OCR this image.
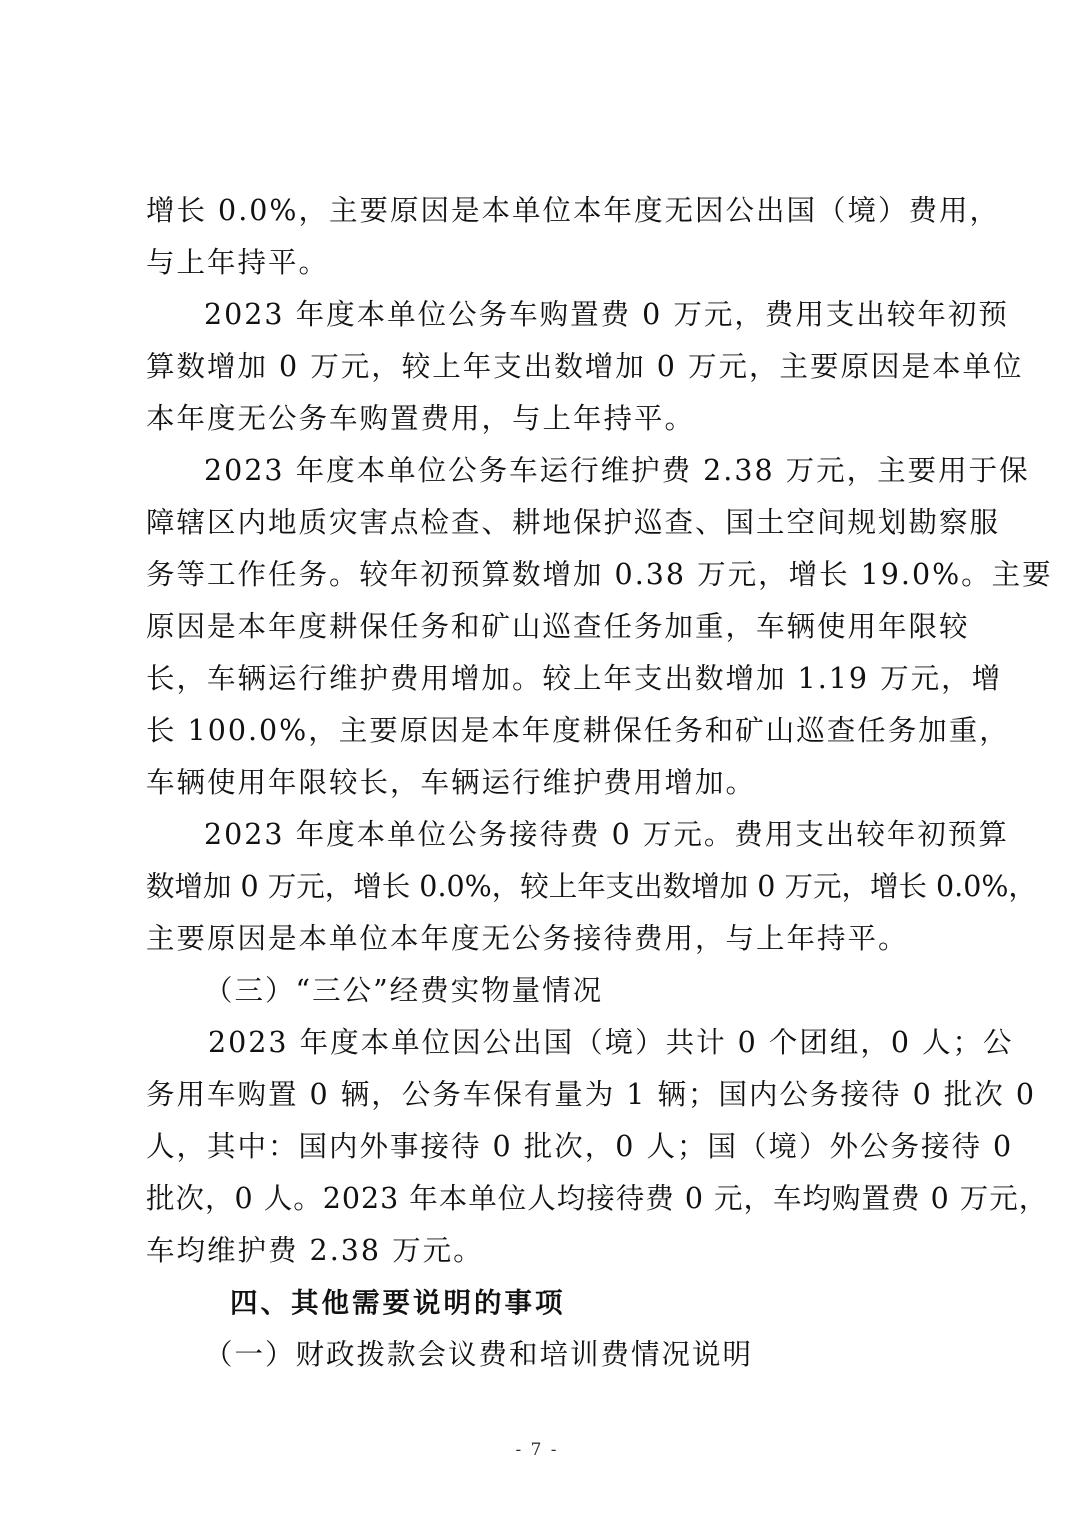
增长 0.0%，主要原因是本单位本年度无因公出国（境）费用，
与上年持平。
2023 年度本单位公务车购置费 0 万元，费用支出较年初预
算数增加 0 万元，较上年支出数增加 0 万元，主要原因是本单位
本年度无公务车购置费用，与上年持平。
2023 年度本单位公务车运行维护费 2.38 万元，主要用于保
障辖区内地质灾害点检查、耕地保护巡查、国土空间规划勘察服
务等工作任务。较年初预算数增加 0.38 万元，增长 19.0%。主要
原因是本年度耕保任务和矿山巡查任务加重，车辆使用年限较
长，车辆运行维护费用增加。较上年支出数增加 1.19 万元，增
长 100.0%，主要原因是本年度耕保任务和矿山巡查任务加重，
车辆使用年限较长，车辆运行维护费用增加。
2023 年度本单位公务接待费 0 万元。费用支出较年初预算
数增加 0 万元，增长 0.0%，较上年支出数增加 0 万元，增长 0.0%，
主要原因是本单位本年度无公务接待费用，与上年持平。
（三）“三公”经费实物量情况
2023 年度本单位因公出国（境）共计 0 个团组，0 人；公
务用车购置 0 辆，公务车保有量为 1 辆；国内公务接待 0 批次 0
人，其中：国内外事接待 0 批次，0 人；国（境）外公务接待 0
批次，0 人。2023 年本单位人均接待费 0 元，车均购置费 0 万元，
车均维护费 2.38 万元。
四、其他需要说明的事项
（一）财政拨款会议费和培训费情况说明
- 7 -
